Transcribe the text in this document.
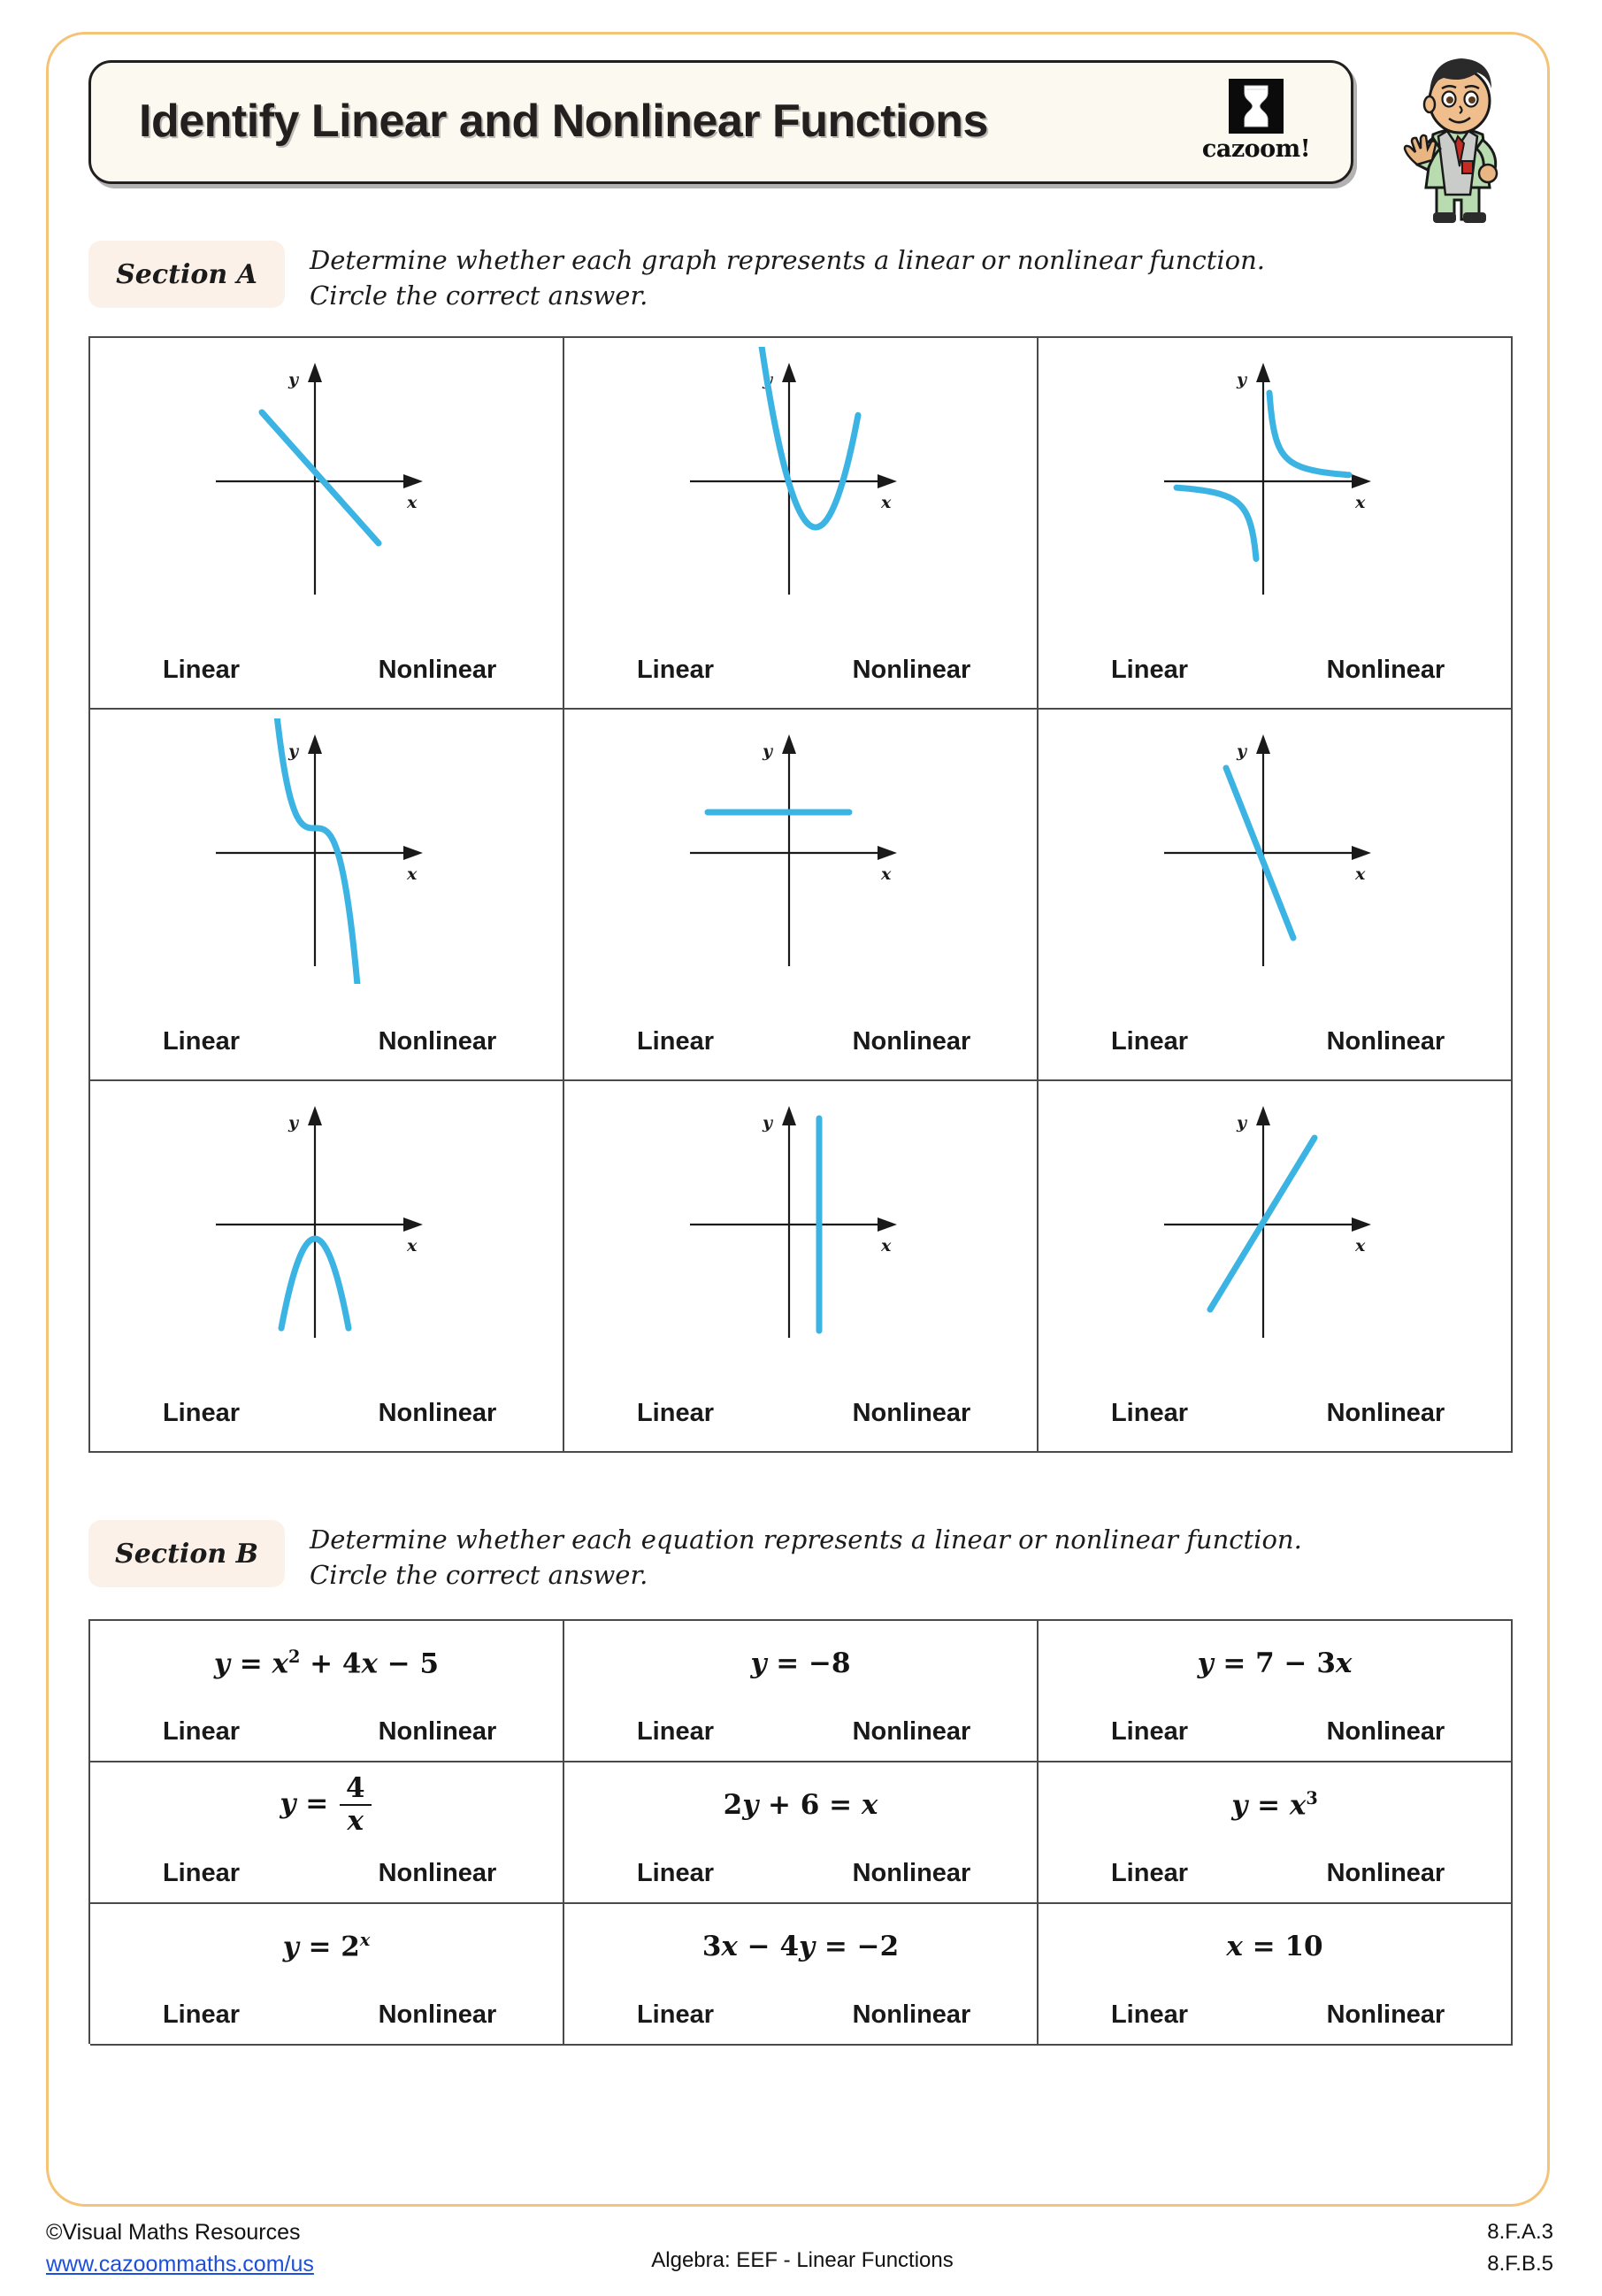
Identify Linear and Nonlinear Functions
cazoom!
Section A Determine whether each graph represents a linear or nonlinear function.
Circle the correct answer.
y
x
Linear	Nonlinear
y
x
Linear	Nonlinear
y
x
Linear	Nonlinear
y
x
Linear	Nonlinear
y
x
Linear	Nonlinear
y
x
Linear	Nonlinear
y
x
Linear	Nonlinear
y
x
Linear	Nonlinear
y
x
Linear	Nonlinear
Section B Determine whether each equation represents a linear or nonlinear function.
Circle the correct answer.
$y = x^2 + 4x - 5$
Linear	Nonlinear
y = −8
Linear	Nonlinear
y = 7 − 3x
Linear	Nonlinear
$y = \frac{4}{x}$
Linear	Nonlinear
2y + 6 = x
Linear	Nonlinear
$y = x^3$
Linear	Nonlinear
$y = 2^x$
Linear	Nonlinear
3x − 4y = −2
Linear	Nonlinear
x = 10
Linear	Nonlinear
©Visual Maths Resources
www.cazoommaths.com/us	Algebra: EEF - Linear Functions
8.F.A.3
8.F.B.5
